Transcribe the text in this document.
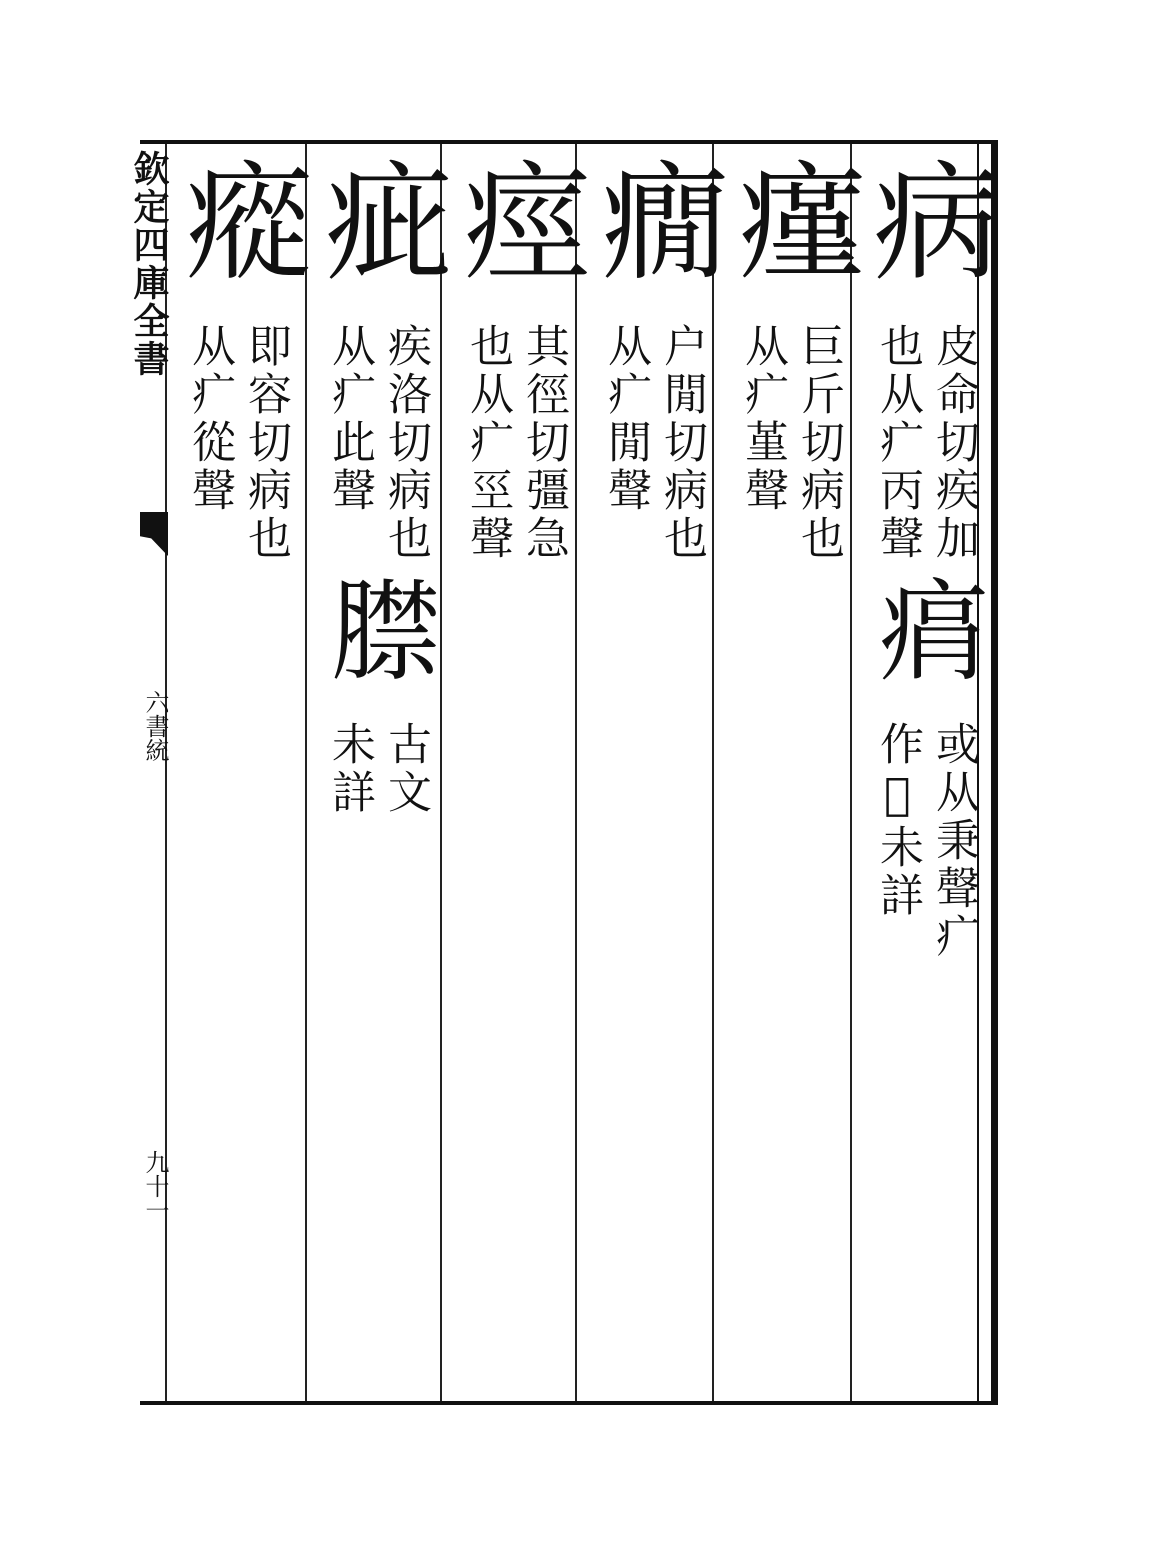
欽定四庫全書
六書統
九十一
病
皮命切疾加
也从疒丙聲
㾓
或从秉聲疒
作𤶦未詳
瘽
巨斤切病也
从疒堇聲
癇
户閒切病也
从疒閒聲
痙
其徑切彊急
也从疒巠聲
疵
疾洛切病也
从疒此聲
𦡞
古文
未詳
瘲
即容切病也
从疒從聲
